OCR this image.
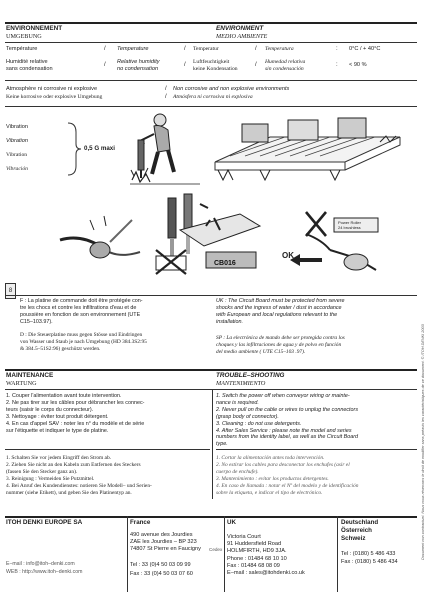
ENVIRONNEMENT
UMGEBUNG
ENVIRONMENT
MEDIO AMBIENTE
Température	/ Temperature	/ Temperatur	/ Temperatura	: 0°C / + 40°C
Humidité relative
sans condensation
/ Relative humidity
no condensation
/ Luftfeuchtigkeit
keine Kondensation
/ Humedad relativa
sin condensación
: < 90 %
Atmosphère ni corrosive ni explosive	/ Non corrosive and non explosive environments
Keine korrosive oder explosive Umgebung	/ Atmósfera ni corrosiva ni explosiva
Vibration
Vibration
Vibration
Vibración
0,5 G maxi
CB016
Power Roller
24 brushless
OK
8
F : La platine de commande doit être protégée con-
tre les chocs et contre les infiltrations d'eau et de
poussière en fonction de son environnement (UTE
C15–103.97).
D : Die Steuerplatine muss gegen Stösse und Eindringen
von Wasser und Staub je nach Umgebung (HD 384.3S2:95
& 384.5–51S2:96) geschützt werden.
UK : The Circuit Board must be protected from severe
shocks and the ingress of water / dust in accordance
with European and local regulations relevant to the
installation.
SP : La electrónica de mando debe ser protegida contra los
choques y las infiltraciones de agua y de polvo en función
del medio ambiente ( UTE C15–103 .97).
MAINTENANCE
WARTUNG
TROUBLE–SHOOTING
MANTENIMIENTO
1. Couper l'alimentation avant toute intervention.
2. Ne pas tirer sur les câbles pour débrancher les connec-
teurs (saisir le corps du connecteur).
3. Nettoyage : éviter tout produit détergent.
4. En cas d'appel SAV : noter les n° du modèle et de série
sur l'étiquette et indiquer le type de platine.
1. Switch the power off when conveyor wiring or mainte-
nance is required.
2. Never pull on the cable or wires to unplug the connectors
(grasp body of connector).
3. Cleaning : do not use detergents.
4. After Sales Service : please note the model and series
numbers from the identity label, as well as the Circuit Board
type.
1. Schalten Sie vor jedem Eingriff den Strom ab.
2. Ziehen Sie nicht an den Kabeln zum Entfernen des Steckers
(fassen Sie den Stecker ganz an).
3. Reinigung : Vermeiden Sie Putzmittel.
4. Bei Anruf des Kundendienstes: notieren Sie Modell– und Serien-
nummer (siehe Etikett), und geben Sie den Platinentyp an.
1. Cortar la alimentación antes toda intervención.
2. No estirar los cables para desconectar los enchufes (asir el
cuerpo de enchufe).
3. Mantenimiento : evitar los productos detergentes.
4. En caso de llamada : notar el Nº del modelo y de identificación
sobre la etiqueta, e indicar el tipo de electrónico.
ITOH DENKI EUROPE SA
E–mail : info@itoh–denki.com
WEB : http://www.itoh–denki.com
France
490 avenue des Jourdies
ZAE les Jourdies – BP 323
74807 St Pierre en Faucigny Cedex
Tel : 33 (0)4 50 03 09 99
Fax : 33 (0)4 50 03 07 60
UK
Victoria Court
91 Huddersfield Road
HOLMFIRTH, HD9 3JA.
Phone : 01484 68 10 10
Fax : 01484 68 08 09
E–mail : sales@itohdenki.co.uk
Deutschland
Österreich
Schweiz
Tel : (0180) 5 486 433
Fax : (0180) 5 486 434
Document non contractuel. Nous nous réservons le droit de modifier sans préavis les caractéristiques de ce document. © ITOH DENKI 2003
